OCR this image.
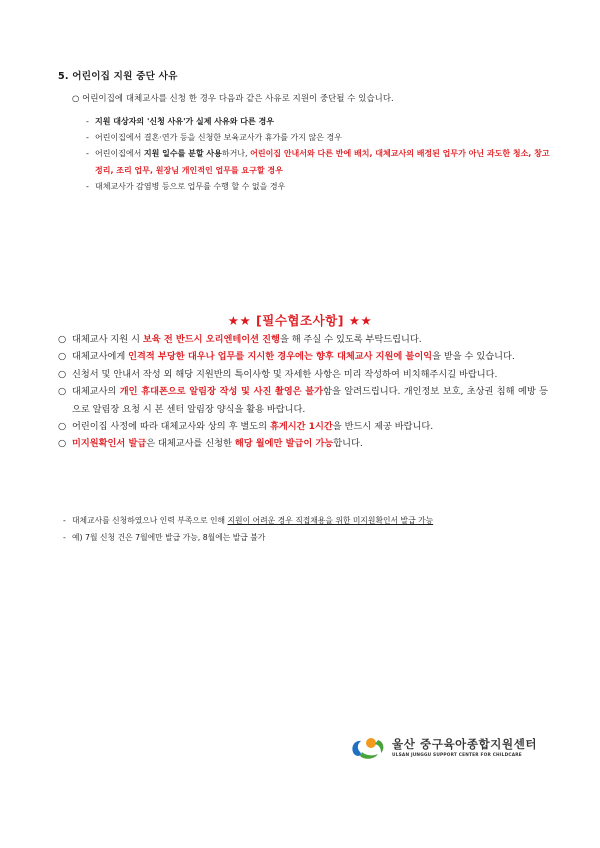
5. 어린이집 지원 중단 사유
○ 어린이집에 대체교사를 신청 한 경우 다음과 같은 사유로 지원이 중단될 수 있습니다.
- 지원 대상자의 '신청 사유'가 실제 사유와 다른 경우
- 어린이집에서 결혼·연가 등을 신청한 보육교사가 휴가를 가지 않은 경우
- 어린이집에서 지원 일수를 분할 사용하거나, 어린이집 안내서와 다른 반에 배치, 대체교사의 배정된 업무가 아닌 과도한 청소, 창고 정리, 조리 업무, 원장님 개인적인 업무를 요구할 경우
- 대체교사가 감염병 등으로 업무를 수행 할 수 없을 경우
★★ [필수협조사항] ★★
○ 대체교사 지원 시 보육 전 반드시 오리엔테이션 진행을 해 주실 수 있도록 부탁드립니다.
○ 대체교사에게 인격적 부당한 대우나 업무를 지시한 경우에는 향후 대체교사 지원에 불이익을 받을 수 있습니다.
○ 신청서 및 안내서 작성 외 해당 지원반의 특이사항 및 자세한 사항은 미리 작성하여 비치해주시길 바랍니다.
○ 대체교사의 개인 휴대폰으로 알림장 작성 및 사진 촬영은 불가함을 알려드립니다. 개인정보 보호, 초상권 침해 예방 등으로 알림장 요청 시 본 센터 알림장 양식을 활용 바랍니다.
○ 어린이집 사정에 따라 대체교사와 상의 후 별도의 휴게시간 1시간을 반드시 제공 바랍니다.
○ 미지원확인서 발급은 대체교사를 신청한 해당 월에만 발급이 가능합니다.
- 대체교사를 신청하였으나 인력 부족으로 인해 지원이 어려운 경우 직접채용을 위한 미지원확인서 발급 가능
- 예) 7월 신청 건은 7월에만 발급 가능, 8월에는 발급 불가
울산 중구육아종합지원센터
ULSAN JUNGGU SUPPORT CENTER FOR CHILDCARE
